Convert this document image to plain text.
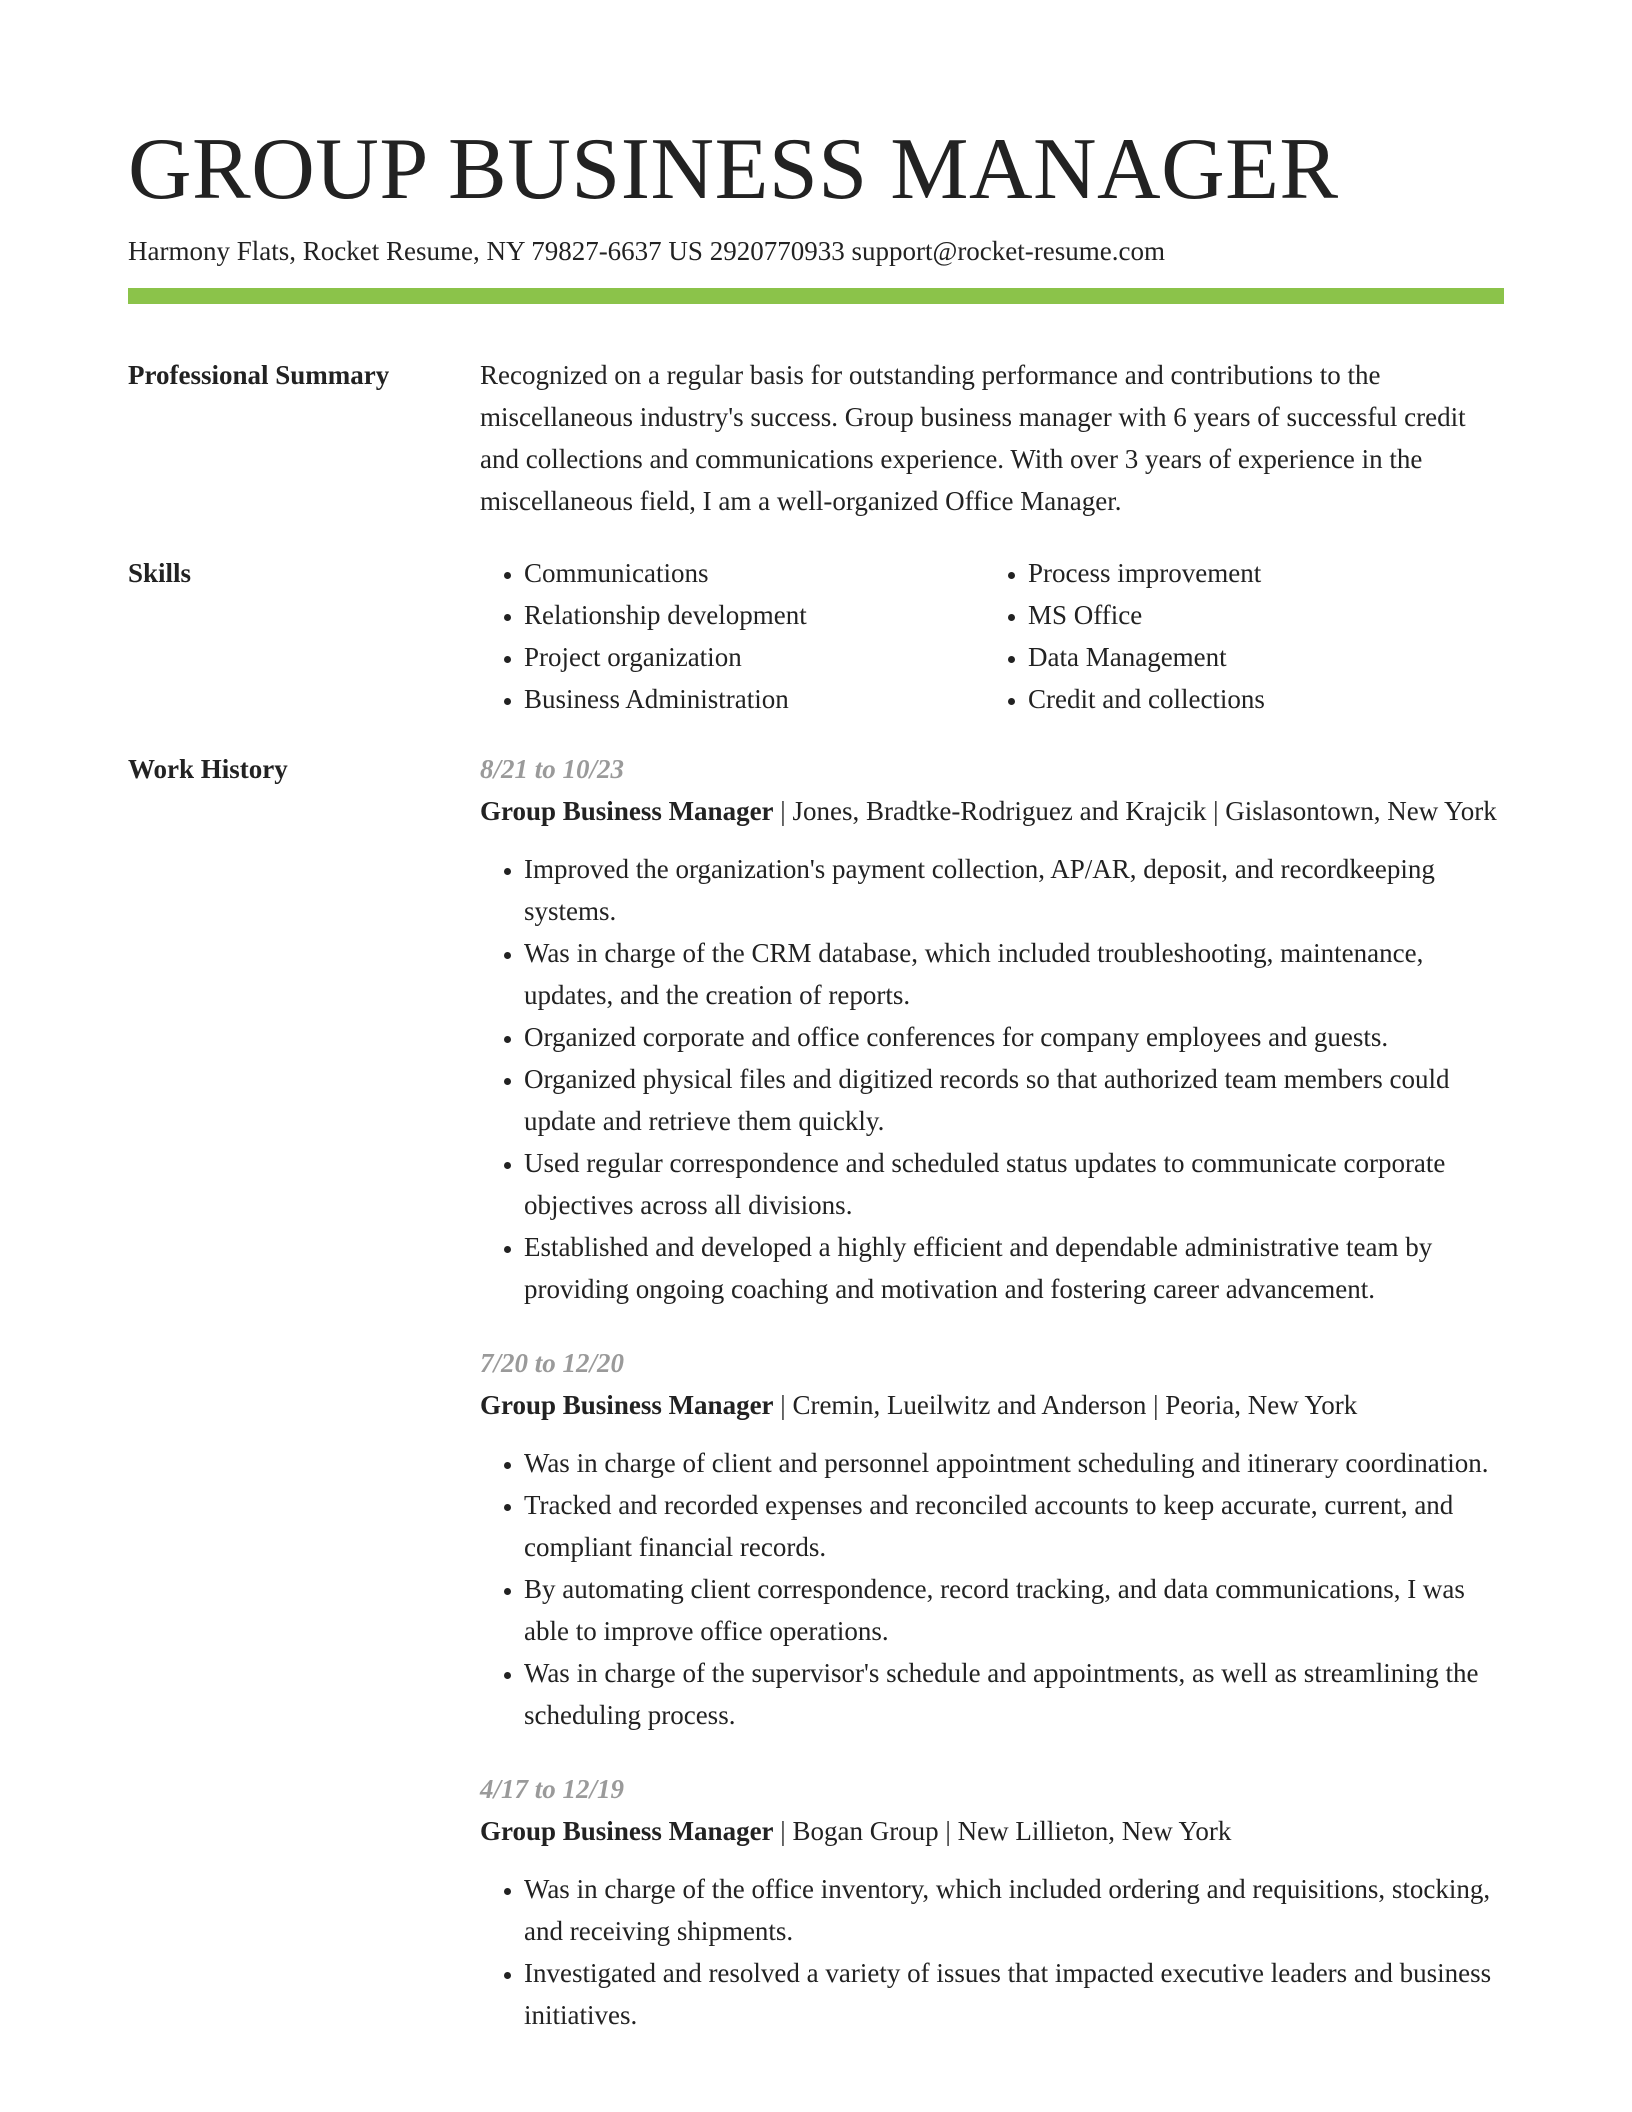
GROUP BUSINESS MANAGER
Harmony Flats, Rocket Resume, NY 79827-6637 US 2920770933 support@rocket-resume.com
Professional Summary	Recognized on a regular basis for outstanding performance and contributions to the miscellaneous industry's success. Group business manager with 6 years of successful credit and collections and communications experience. With over 3 years of experience in the miscellaneous field, I am a well-organized Office Manager.

Skills
•	Communications
• Relationship development
• Project organization
• Business Administration
• Process improvement
• MS Office
• Data Management
• Credit and collections
Work History	8/21 to 10/23
Group Business Manager | Jones, Bradtke-Rodriguez and Krajcik | Gislasontown, New York
• Improved the organization's payment collection, AP/AR, deposit, and recordkeeping systems.
• Was in charge of the CRM database, which included troubleshooting, maintenance, updates, and the creation of reports.
• Organized corporate and office conferences for company employees and guests.
• Organized physical files and digitized records so that authorized team members could update and retrieve them quickly.
• Used regular correspondence and scheduled status updates to communicate corporate objectives across all divisions.
• Established and developed a highly efficient and dependable administrative team by providing ongoing coaching and motivation and fostering career advancement.
7/20 to 12/20
Group Business Manager | Cremin, Lueilwitz and Anderson | Peoria, New York
• Was in charge of client and personnel appointment scheduling and itinerary coordination.
• Tracked and recorded expenses and reconciled accounts to keep accurate, current, and compliant financial records.
• By automating client correspondence, record tracking, and data communications, I was able to improve office operations.
• Was in charge of the supervisor's schedule and appointments, as well as streamlining the scheduling process.
4/17 to 12/19
Group Business Manager | Bogan Group | New Lillieton, New York
• Was in charge of the office inventory, which included ordering and requisitions, stocking, and receiving shipments.
• Investigated and resolved a variety of issues that impacted executive leaders and business initiatives.
